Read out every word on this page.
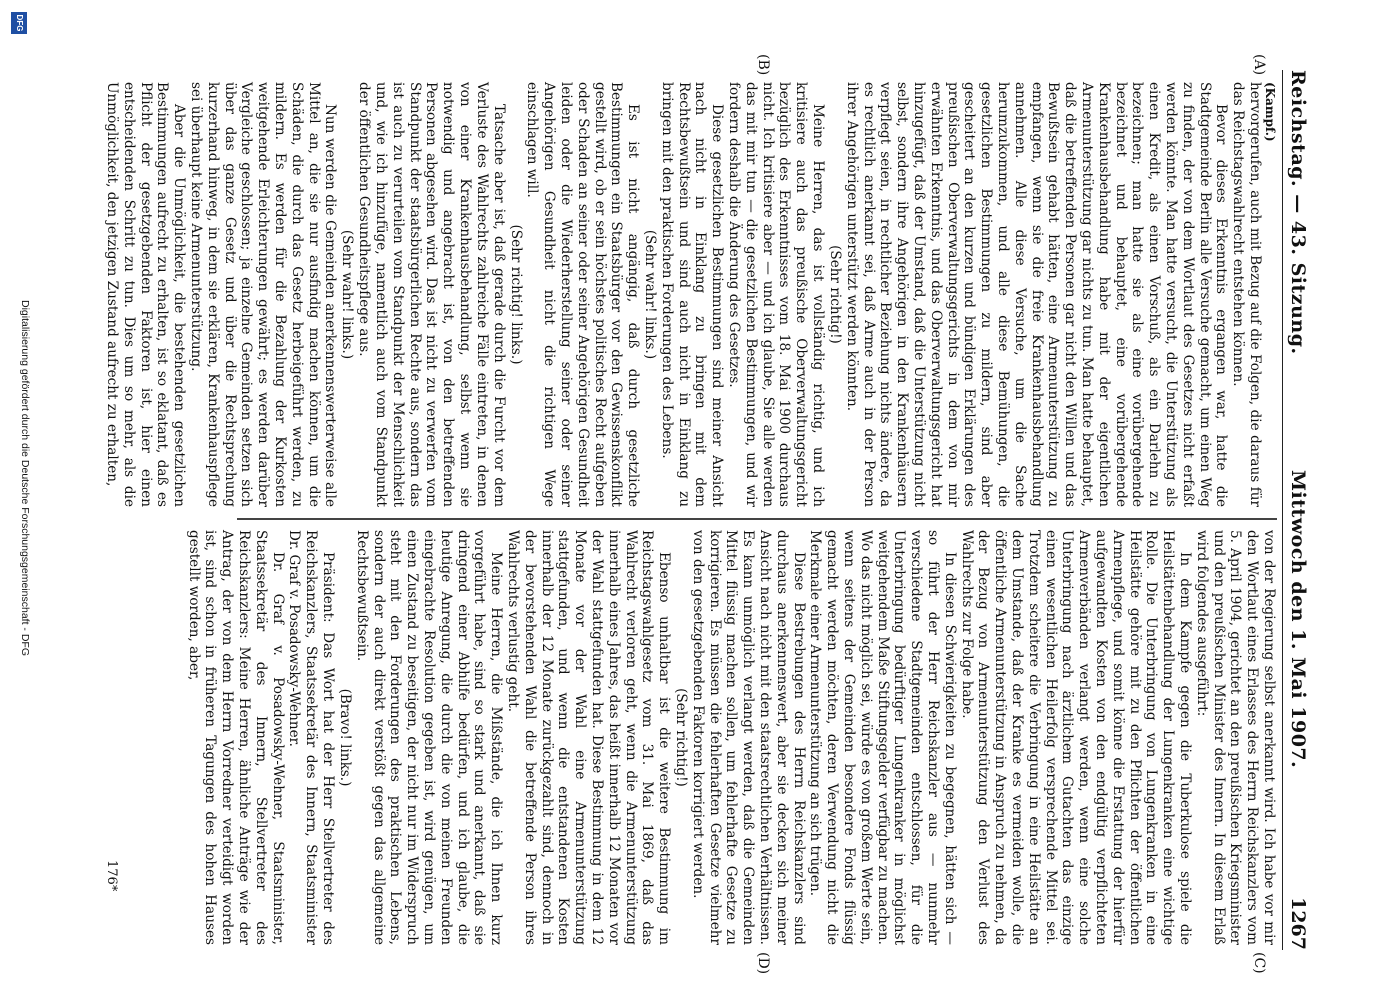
Reichstag. — 43. Sitzung.
Mittwoch den 1. Mai 1907.
1267
(A)
(B)
(C)
(D)

(Kampf.)

hervorgerufen, auch mit Bezug auf die Folgen, die daraus für das Reichstagswahlrecht entstehen können.

Bevor dieses Erkenntnis ergangen war, hatte die Stadtgemeinde Berlin alle Versuche gemacht, um einen Weg zu finden, der von dem Wortlaut des Gesetzes nicht erfaßt werden könnte. Man hatte versucht, die Unterstützung als einen Kredit, als einen Vorschuß, als ein Darlehn zu bezeichnen; man hatte sie als eine vorübergehende bezeichnet und behauptet, eine vorübergehende Krankenhausbehandlung habe mit der eigentlichen Armenunterstützung gar nichts zu tun. Man hatte behauptet, daß die betreffenden Personen gar nicht den Willen und das Bewußtsein gehabt hätten, eine Armenunterstützung zu empfangen, wenn sie die freie Krankenhausbehandlung annehmen. Alle diese Versuche, um die Sache herumzukommen, und alle diese Bemühungen, die gesetzlichen Bestimmungen zu mildern, sind aber gescheitert an den kurzen und bündigen Erklärungen des preußischen Oberverwaltungsgerichts in dem von mir erwähnten Erkenntnis, und das Oberverwaltungsgericht hat hinzugefügt, daß der Umstand, daß die Unterstützung nicht selbst, sondern ihre Angehörigen in den Krankenhäusern verpflegt seien, in rechtlicher Beziehung nichts ändere, da es rechtlich anerkannt sei, daß Arme auch in der Person ihrer Angehörigen unterstützt werden könnten.

(Sehr richtig!)

Meine Herren, das ist vollständig richtig, und ich kritisiere auch das preußische Oberverwaltungsgericht bezüglich des Erkenntnisses vom 18. Mai 1900 durchaus nicht. Ich kritisiere aber — und ich glaube, Sie alle werden das mit mir tun — die gesetzlichen Bestimmungen, und wir fordern deshalb die Änderung des Gesetzes.

Diese gesetzlichen Bestimmungen sind meiner Ansicht nach nicht in Einklang zu bringen mit dem Rechtsbewußtsein und sind auch nicht in Einklang zu bringen mit den praktischen Forderungen des Lebens.

(Sehr wahr! links.)

Es ist nicht angängig, daß durch gesetzliche Bestimmungen ein Staatsbürger vor den Gewissenskonflikt gestellt wird, ob er sein höchstes politisches Recht aufgeben oder Schaden an seiner oder seiner Angehörigen Gesundheit leiden oder die Wiederherstellung seiner oder seiner Angehörigen Gesundheit nicht die richtigen Wege einschlagen will.

(Sehr richtig! links.)

Tatsache aber ist, daß gerade durch die Furcht vor dem Verluste des Wahlrechts zahlreiche Fälle eintreten, in denen von einer Krankenhausbehandlung, selbst wenn sie notwendig und angebracht ist, von den betreffenden Personen abgesehen wird. Das ist nicht zu verwerfen vom Standpunkt der staatsbürgerlichen Rechte aus, sondern das ist auch zu verurteilen vom Standpunkt der Menschlichkeit und, wie ich hinzufüge, namentlich auch vom Standpunkt der öffentlichen Gesundheitspflege aus.

(Sehr wahr! links.)

Nun werden die Gemeinden anerkennenswerterweise alle Mittel an, die sie nur ausfindig machen können, um die Schäden, die durch das Gesetz herbeigeführt werden, zu mildern. Es werden für die Bezahlung der Kurkosten weitgehende Erleichterungen gewährt; es werden darüber Vergleiche geschlossen; ja einzelne Gemeinden setzen sich über das ganze Gesetz und über die Rechtsprechung kurzerhand hinweg, in dem sie erklären, Krankenhauspflege sei überhaupt keine Armenunterstützung.

Aber die Unmöglichkeit, die bestehenden gesetzlichen Bestimmungen aufrecht zu erhalten, ist so eklatant, daß es Pflicht der gesetzgebenden Faktoren ist, hier einen entscheidenden Schritt zu tun. Dies um so mehr, als die Unmöglichkeit, den jetzigen Zustand aufrecht zu erhalten,

von der Regierung selbst anerkannt wird. Ich habe vor mir den Wortlaut eines Erlasses des Herrn Reichskanzlers vom 5. April 1904, gerichtet an den preußischen Kriegsminister und den preußischen Minister des Innern. In diesem Erlaß wird folgendes ausgeführt:

In dem Kampfe gegen die Tuberkulose spiele die Heilstättenbehandlung der Lungenkranken eine wichtige Rolle. Die Unterbringung von Lungenkranken in eine Heilstätte gehöre mit zu den Pflichten der öffentlichen Armenpflege, und somit könne die Erstattung der hierfür aufgewandten Kosten von den endgültig verpflichteten Armenverbänden verlangt werden, wenn eine solche Unterbringung nach ärztlichem Gutachten das einzige einen wesentlichen Heilerfolg versprechende Mittel sei. Trotzdem scheitere die Verbringung in eine Heilstätte an dem Umstande, daß der Kranke es vermeiden wolle, die öffentliche Armenunterstützung in Anspruch zu nehmen, da der Bezug von Armenunterstützung den Verlust des Wahlrechts zur Folge habe.

In diesen Schwierigkeiten zu begegnen, hätten sich — so führt der Herr Reichskanzler aus — nunmehr verschiedene Stadtgemeinden entschlossen, für die Unterbringung bedürftiger Lungenkranker in möglichst weitgehendem Maße Stiftungsgelder verfügbar zu machen. Wo das nicht möglich sei, würde es von großem Werte sein, wenn seitens der Gemeinden besondere Fonds flüssig gemacht werden möchten, deren Verwendung nicht die Merkmale einer Armenunterstützung an sich trügen.

Diese Bestrebungen des Herrn Reichskanzlers sind durchaus anerkennenswert, aber sie decken sich meiner Ansicht nach nicht mit den staatsrechtlichen Verhältnissen. Es kann unmöglich verlangt werden, daß die Gemeinden Mittel flüssig machen sollen, um fehlerhafte Gesetze zu korrigieren. Es müssen die fehlerhaften Gesetze vielmehr von den gesetzgebenden Faktoren korrigiert werden.

(Sehr richtig!)

Ebenso unhaltbar ist die weitere Bestimmung im Reichstagswahlgesetz vom 31. Mai 1869, daß das Wahlrecht verloren geht, wenn die Armenunterstützung innerhalb eines Jahres, das heißt innerhalb 12 Monaten vor der Wahl stattgefunden hat. Diese Bestimmung in dem 12 Monate vor der Wahl eine Armenunterstützung stattgefunden, und wenn die entstandenen Kosten innerhalb der 12 Monate zurückgezahlt sind, dennoch in der bevorstehenden Wahl die betreffende Person ihres Wahlrechts verlustig geht.

Meine Herren, die Mißstände, die ich Ihnen kurz vorgeführt habe, sind so stark und anerkannt, daß sie dringend einer Abhilfe bedürfen, und ich glaube, die heutige Anregung, die durch die von meinen Freunden eingebrachte Resolution gegeben ist, wird genügen, um einen Zustand zu beseitigen, der nicht nur im Widerspruch steht mit den Forderungen des praktischen Lebens, sondern der auch direkt verstößt gegen das allgemeine Rechtsbewußtsein.

(Bravo! links.)

Präsident: Das Wort hat der Herr Stellvertreter des Reichskanzlers, Staatssekretär des Innern, Staatsminister Dr. Graf v. Posadowsky-Wehner.

Dr. Graf v. Posadowsky-Wehner, Staatsminister, Staatssekretär des Innern, Stellvertreter des Reichskanzlers: Meine Herren, ähnliche Anträge wie der Antrag, der von dem Herrn Vorredner verteidigt worden ist, sind schon in früheren Tagungen des hohen Hauses gestellt worden, aber,

176*
DFG
Digitalisierung gefördert durch die Deutsche Forschungsgemeinschaft - DFG
